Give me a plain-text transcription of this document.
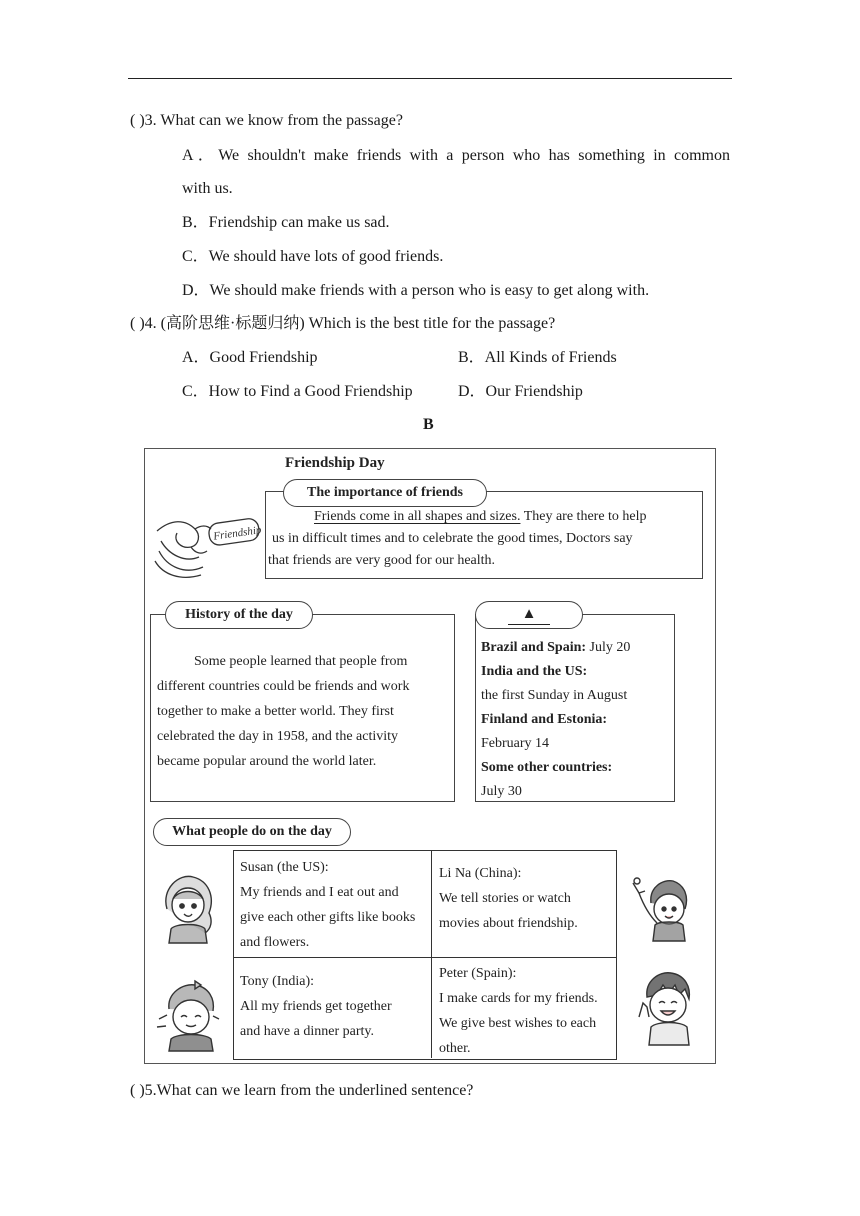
( )3. What can we know from the passage?
A．We shouldn't make friends with a person who has something in common
with us.
B．Friendship can make us sad.
C．We should have lots of good friends.
D．We should make friends with a person who is easy to get along with.
( )4. (高阶思维·标题归纳) Which is the best title for the passage?
A．Good Friendship	B．All Kinds of Friends
C．How to Find a Good Friendship	D．Our Friendship
B
Friendship Day
Friendship
Friends come in all shapes and sizes. They are there to help
us in difficult times and to celebrate the good times, Doctors say
that friends are very good for our health.
The importance of friends
Some people learned that people from
different countries could be friends and work
together to make a better world. They first
celebrated the day in 1958, and the activity
became popular around the world later.
History of the day
Brazil and Spain: July 20
India and the US:
the first Sunday in August
Finland and Estonia:
February 14
Some other countries:
July 30
▲
What people do on the day
Susan (the US):
My friends and I eat out and
give each other gifts like books
and flowers.
Li Na (China):
We tell stories or watch
movies about friendship.
Tony (India):
All my friends get together
and have a dinner party.
Peter (Spain):
I make cards for my friends.
We give best wishes to each
other.
( )5.What can we learn from the underlined sentence?
